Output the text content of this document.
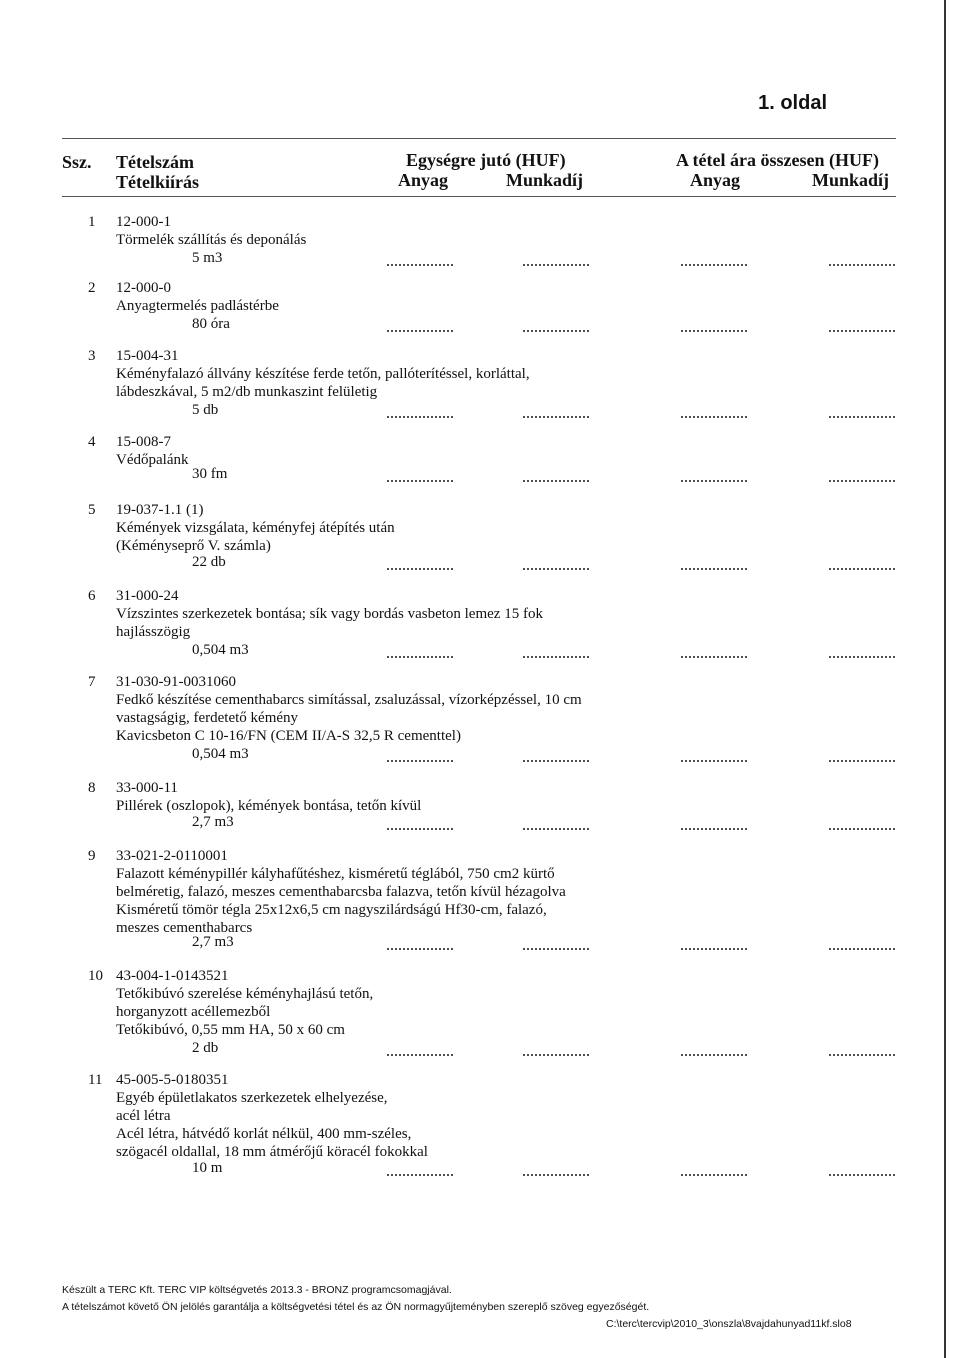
1. oldal
Ssz. Tételszám
Tételkiírás
Egységre jutó (HUF)
Anyag	Munkadíj
A tétel ára összesen (HUF)
Anyag	Munkadíj
1	12-000-1
Törmelék szállítás és deponálás
5 m3
2	12-000-0
Anyagtermelés padlástérbe
80 óra
3	15-004-31
Kéményfalazó állvány készítése ferde tetőn, pallóterítéssel, korláttal,
lábdeszkával, 5 m2/db munkaszint felületig
5 db
4	15-008-7
Védőpalánk
30 fm
5	19-037-1.1 (1)
Kémények vizsgálata, kéményfej átépítés után
(Kéményseprő V. számla)
22 db
6	31-000-24
Vízszintes szerkezetek bontása; sík vagy bordás vasbeton lemez 15 fok
hajlásszögig
0,504 m3
7	31-030-91-0031060
Fedkő készítése cementhabarcs simítással, zsaluzással, vízorképzéssel, 10 cm
vastagságig, ferdetető kémény
Kavicsbeton C 10-16/FN (CEM II/A-S 32,5 R cementtel)
0,504 m3
8	33-000-11
Pillérek (oszlopok), kémények bontása, tetőn kívül
2,7 m3
9	33-021-2-0110001
Falazott kéménypillér kályhafűtéshez, kisméretű téglából, 750 cm2 kürtő
belméretig, falazó, meszes cementhabarcsba falazva, tetőn kívül hézagolva
Kisméretű tömör tégla 25x12x6,5 cm nagyszilárdságú Hf30-cm, falazó,
meszes cementhabarcs
2,7 m3
10 43-004-1-0143521
Tetőkibúvó szerelése kéményhajlású tetőn,
horganyzott acéllemezből
Tetőkibúvó, 0,55 mm HA, 50 x 60 cm
2 db
11 45-005-5-0180351
Egyéb épületlakatos szerkezetek elhelyezése,
acél létra
Acél létra, hátvédő korlát nélkül, 400 mm-széles,
szögacél oldallal, 18 mm átmérőjű köracél fokokkal
10 m
Készült a TERC Kft. TERC VIP költségvetés 2013.3 - BRONZ programcsomagjával.
A tételszámot követő ÖN jelölés garantálja a költségvetési tétel és az ÖN normagyűjteményben szereplő szöveg egyezőségét.
C:\terc\tercvip\2010_3\onszla\8vajdahunyad11kf.slo8
